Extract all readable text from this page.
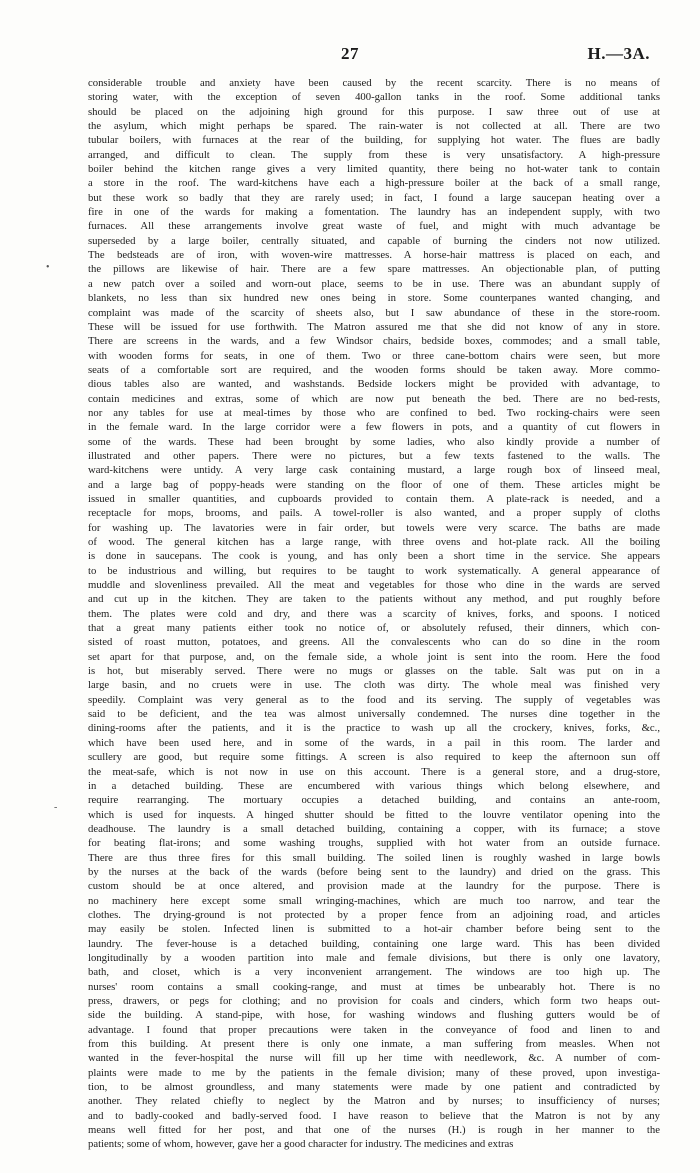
27	H.—3A.
considerable trouble and anxiety have been caused by the recent scarcity. There is no means of
storing water, with the exception of seven 400-gallon tanks in the roof. Some additional tanks
should be placed on the adjoining high ground for this purpose. I saw three out of use at
the asylum, which might perhaps be spared. The rain-water is not collected at all. There are two
tubular boilers, with furnaces at the rear of the building, for supplying hot water. The flues are badly
arranged, and difficult to clean. The supply from these is very unsatisfactory. A high-pressure
boiler behind the kitchen range gives a very limited quantity, there being no hot-water tank to contain
a store in the roof. The ward-kitchens have each a high-pressure boiler at the back of a small range,
but these work so badly that they are rarely used; in fact, I found a large saucepan heating over a
fire in one of the wards for making a fomentation. The laundry has an independent supply, with two
furnaces. All these arrangements involve great waste of fuel, and might with much advantage be
superseded by a large boiler, centrally situated, and capable of burning the cinders not now utilized.
The bedsteads are of iron, with woven-wire mattresses. A horse-hair mattress is placed on each, and
the pillows are likewise of hair. There are a few spare mattresses. An objectionable plan, of putting
a new patch over a soiled and worn-out place, seems to be in use. There was an abundant supply of
blankets, no less than six hundred new ones being in store. Some counterpanes wanted changing, and
complaint was made of the scarcity of sheets also, but I saw abundance of these in the store-room.
These will be issued for use forthwith. The Matron assured me that she did not know of any in store.
There are screens in the wards, and a few Windsor chairs, bedside boxes, commodes; and a small table,
with wooden forms for seats, in one of them. Two or three cane-bottom chairs were seen, but more
seats of a comfortable sort are required, and the wooden forms should be taken away. More commo-
dious tables also are wanted, and washstands. Bedside lockers might be provided with advantage, to
contain medicines and extras, some of which are now put beneath the bed. There are no bed-rests,
nor any tables for use at meal-times by those who are confined to bed. Two rocking-chairs were seen
in the female ward. In the large corridor were a few flowers in pots, and a quantity of cut flowers in
some of the wards. These had been brought by some ladies, who also kindly provide a number of
illustrated and other papers. There were no pictures, but a few texts fastened to the walls. The
ward-kitchens were untidy. A very large cask containing mustard, a large rough box of linseed meal,
and a large bag of poppy-heads were standing on the floor of one of them. These articles might be
issued in smaller quantities, and cupboards provided to contain them. A plate-rack is needed, and a
receptacle for mops, brooms, and pails. A towel-roller is also wanted, and a proper supply of cloths
for washing up. The lavatories were in fair order, but towels were very scarce. The baths are made
of wood. The general kitchen has a large range, with three ovens and hot-plate rack. All the boiling
is done in saucepans. The cook is young, and has only been a short time in the service. She appears
to be industrious and willing, but requires to be taught to work systematically. A general appearance of
muddle and slovenliness prevailed. All the meat and vegetables for those who dine in the wards are served
and cut up in the kitchen. They are taken to the patients without any method, and put roughly before
them. The plates were cold and dry, and there was a scarcity of knives, forks, and spoons. I noticed
that a great many patients either took no notice of, or absolutely refused, their dinners, which con-
sisted of roast mutton, potatoes, and greens. All the convalescents who can do so dine in the room
set apart for that purpose, and, on the female side, a whole joint is sent into the room. Here the food
is hot, but miserably served. There were no mugs or glasses on the table. Salt was put on in a
large basin, and no cruets were in use. The cloth was dirty. The whole meal was finished very
speedily. Complaint was very general as to the food and its serving. The supply of vegetables was
said to be deficient, and the tea was almost universally condemned. The nurses dine together in the
dining-rooms after the patients, and it is the practice to wash up all the crockery, knives, forks, &c.,
which have been used here, and in some of the wards, in a pail in this room. The larder and
scullery are good, but require some fittings. A screen is also required to keep the afternoon sun off
the meat-safe, which is not now in use on this account. There is a general store, and a drug-store,
in a detached building. These are encumbered with various things which belong elsewhere, and
require rearranging. The mortuary occupies a detached building, and contains an ante-room,
which is used for inquests. A hinged shutter should be fitted to the louvre ventilator opening into the
deadhouse. The laundry is a small detached building, containing a copper, with its furnace; a stove
for beating flat-irons; and some washing troughs, supplied with hot water from an outside furnace.
There are thus three fires for this small building. The soiled linen is roughly washed in large bowls
by the nurses at the back of the wards (before being sent to the laundry) and dried on the grass. This
custom should be at once altered, and provision made at the laundry for the purpose. There is
no machinery here except some small wringing-machines, which are much too narrow, and tear the
clothes. The drying-ground is not protected by a proper fence from an adjoining road, and articles
may easily be stolen. Infected linen is submitted to a hot-air chamber before being sent to the
laundry. The fever-house is a detached building, containing one large ward. This has been divided
longitudinally by a wooden partition into male and female divisions, but there is only one lavatory,
bath, and closet, which is a very inconvenient arrangement. The windows are too high up. The
nurses' room contains a small cooking-range, and must at times be unbearably hot. There is no
press, drawers, or pegs for clothing; and no provision for coals and cinders, which form two heaps out-
side the building. A stand-pipe, with hose, for washing windows and flushing gutters would be of
advantage. I found that proper precautions were taken in the conveyance of food and linen to and
from this building. At present there is only one inmate, a man suffering from measles. When not
wanted in the fever-hospital the nurse will fill up her time with needlework, &c. A number of com-
plaints were made to me by the patients in the female division; many of these proved, upon investiga-
tion, to be almost groundless, and many statements were made by one patient and contradicted by
another. They related chiefly to neglect by the Matron and by nurses; to insufficiency of nurses;
and to badly-cooked and badly-served food. I have reason to believe that the Matron is not by any
means well fitted for her post, and that one of the nurses (H.) is rough in her manner to the
patients; some of whom, however, gave her a good character for industry. The medicines and extras
•
-
